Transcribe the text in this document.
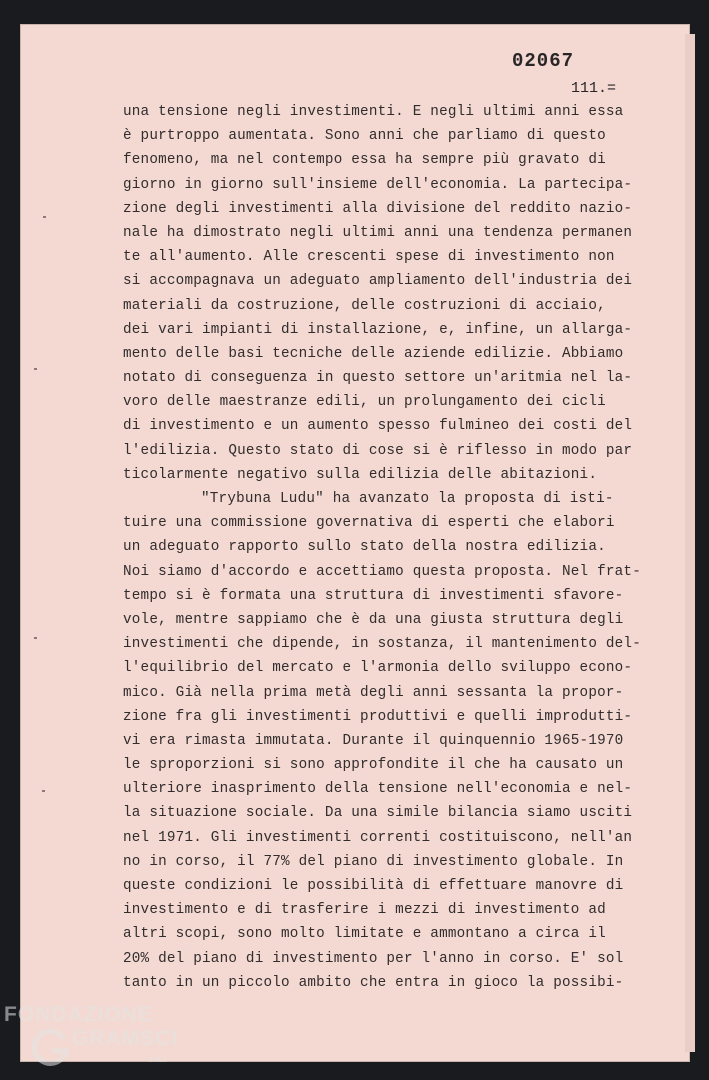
02067
111.=
una tensione negli investimenti. E negli ultimi anni essa
è purtroppo aumentata. Sono anni che parliamo di questo
fenomeno, ma nel contempo essa ha sempre più gravato di
giorno in giorno sull'insieme dell'economia. La partecipa-
zione degli investimenti alla divisione del reddito nazio-
nale ha dimostrato negli ultimi anni una tendenza permanen
te all'aumento. Alle crescenti spese di investimento non
si accompagnava un adeguato ampliamento dell'industria dei
materiali da costruzione, delle costruzioni di acciaio,
dei vari impianti di installazione, e, infine, un allarga-
mento delle basi tecniche delle aziende edilizie. Abbiamo
notato di conseguenza in questo settore un'aritmia nel la-
voro delle maestranze edili, un prolungamento dei cicli
di investimento e un aumento spesso fulmineo dei costi del
l'edilizia. Questo stato di cose si è riflesso in modo par
ticolarmente negativo sulla edilizia delle abitazioni.
"Trybuna Ludu" ha avanzato la proposta di isti-
tuire una commissione governativa di esperti che elabori
un adeguato rapporto sullo stato della nostra edilizia.
Noi siamo d'accordo e accettiamo questa proposta. Nel frat-
tempo si è formata una struttura di investimenti sfavore-
vole, mentre sappiamo che è da una giusta struttura degli
investimenti che dipende, in sostanza, il mantenimento del-
l'equilibrio del mercato e l'armonia dello sviluppo econo-
mico. Già nella prima metà degli anni sessanta la propor-
zione fra gli investimenti produttivi e quelli improdutti-
vi era rimasta immutata. Durante il quinquennio 1965-1970
le sproporzioni si sono approfondite il che ha causato un
ulteriore inasprimento della tensione nell'economia e nel-
la situazione sociale. Da una simile bilancia siamo usciti
nel 1971. Gli investimenti correnti costituiscono, nell'an
no in corso, il 77% del piano di investimento globale. In
queste condizioni le possibilità di effettuare manovre di
investimento e di trasferire i mezzi di investimento ad
altri scopi, sono molto limitate e ammontano a circa il
20% del piano di investimento per l'anno in corso. E' sol
tanto in un piccolo ambito che entra in gioco la possibi-
FONDAZIONE
GRAMSCI
onlus
